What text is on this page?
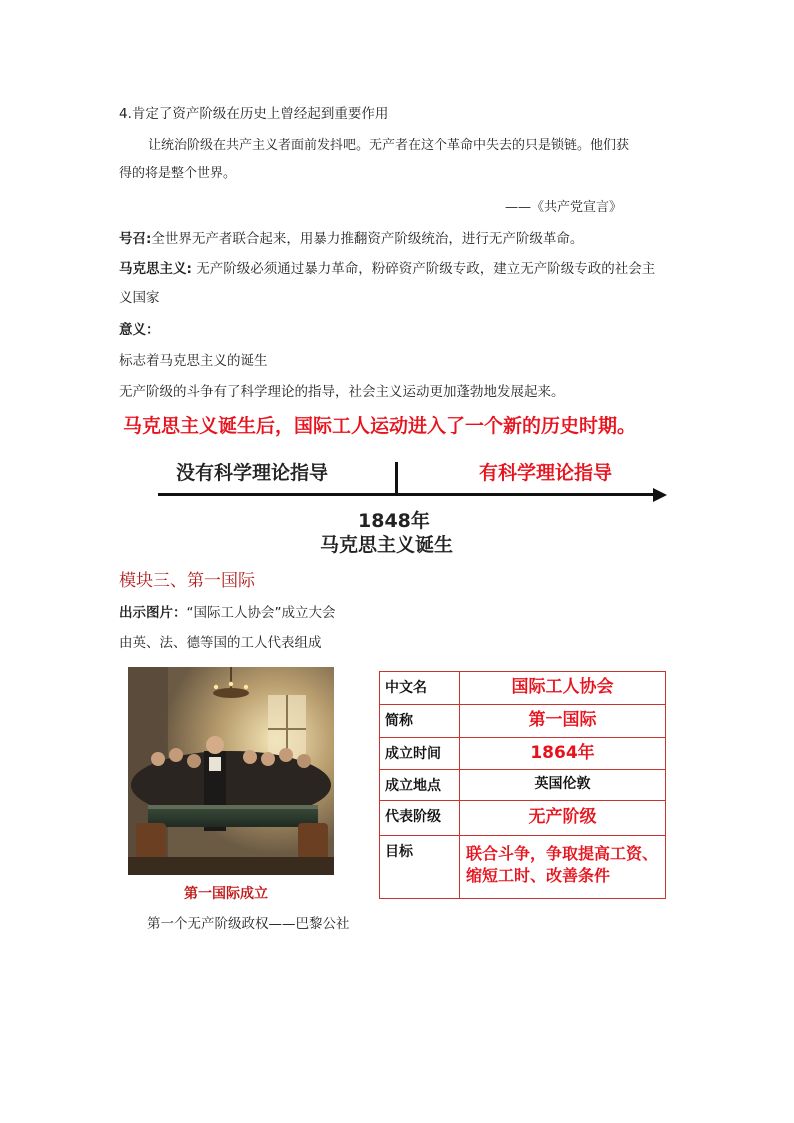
4.肯定了资产阶级在历史上曾经起到重要作用
让统治阶级在共产主义者面前发抖吧。无产者在这个革命中失去的只是锁链。他们获
得的将是整个世界。
——《共产党宣言》
号召:全世界无产者联合起来，用暴力推翻资产阶级统治，进行无产阶级革命。
马克思主义: 无产阶级必须通过暴力革命，粉碎资产阶级专政，建立无产阶级专政的社会主
义国家
意义：
标志着马克思主义的诞生
无产阶级的斗争有了科学理论的指导，社会主义运动更加蓬勃地发展起来。
马克思主义诞生后，国际工人运动进入了一个新的历史时期。
没有科学理论指导	有科学理论指导
1848年
马克思主义诞生
模块三、第一国际
出示图片：“国际工人协会”成立大会
由英、法、德等国的工人代表组成
第一国际成立
中文名	国际工人协会
简称	第一国际
成立时间	1864年
成立地点	英国伦敦
代表阶级	无产阶级
目标	联合斗争，争取提高工资、
缩短工时、改善条件
第一个无产阶级政权——巴黎公社
